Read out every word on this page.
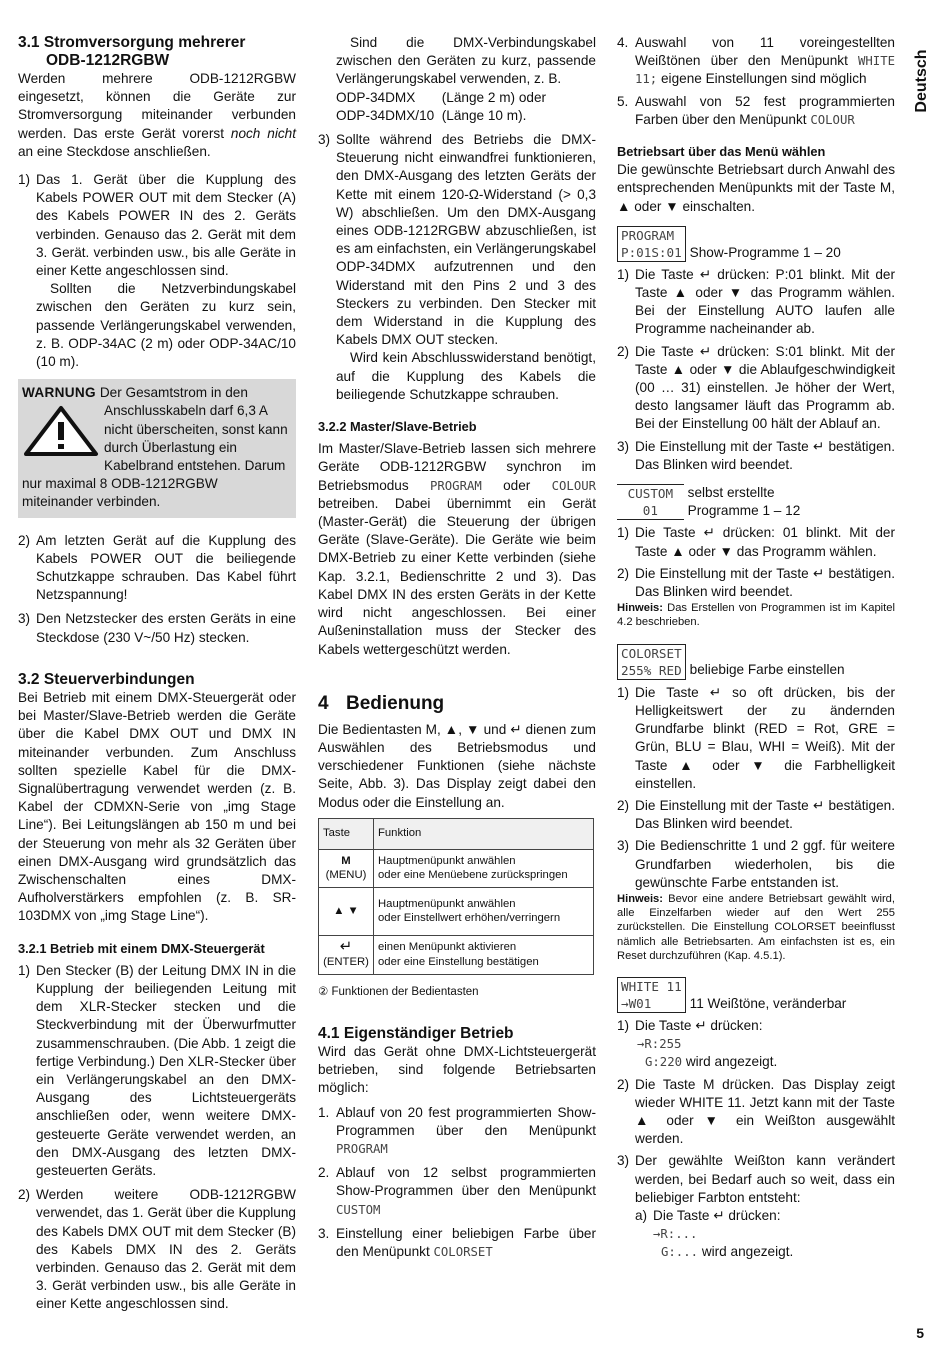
Deutsch
3.1 Stromversorgung mehrerer
ODB-1212RGBW

Werden mehrere ODB-1212RGBW eingesetzt, können die Geräte zur Stromversorgung miteinander verbunden werden. Das erste Gerät vorerst noch nicht an eine Steckdose anschließen.

1) Das 1. Gerät über die Kupplung des Kabels POWER OUT mit dem Stecker (A) des Kabels POWER IN des 2. Geräts verbinden. Genauso das 2. Gerät mit dem 3. Gerät. verbinden usw., bis alle Geräte in einer Kette angeschlossen sind.

Sollten die Netzverbindungskabel zwischen den Geräten zu kurz sein, passende Verlängerungskabel verwenden, z. B. ODP-34AC (2 m) oder ODP-34AC/10 (10 m).

WARNUNG Der Gesamtstrom in den Anschlusskabeln darf 6,3 A nicht überscheiten, sonst kann durch Überlastung ein Kabelbrand entstehen. Darum nur maximal 8 ODB-1212RGBW miteinander verbinden.
2) Am letzten Gerät auf die Kupplung des Kabels POWER OUT die beiliegende Schutzkappe schrauben. Das Kabel führt Netzspannung!
3) Den Netzstecker des ersten Geräts in eine Steckdose (230 V~/50 Hz) stecken.
3.2 Steuerverbindungen

Bei Betrieb mit einem DMX-Steuergerät oder bei Master/Slave-Betrieb werden die Geräte über die Kabel DMX OUT und DMX IN miteinander verbunden. Zum Anschluss sollten spezielle Kabel für die DMX-Signalübertragung verwendet werden (z. B. Kabel der CDMXN-Serie von „img Stage Line“). Bei Leitungslängen ab 150 m und bei der Steuerung von mehr als 32 Geräten über einen DMX-Ausgang wird grundsätzlich das Zwischenschalten eines DMX-Aufholverstärkers empfohlen (z. B. SR-103DMX von „img Stage Line“).

3.2.1 Betrieb mit einem DMX-Steuergerät
1) Den Stecker (B) der Leitung DMX IN in die Kupplung der beiliegenden Leitung mit dem XLR-Stecker stecken und die Steckverbindung mit der Überwurfmutter zusammenschrauben. (Die Abb. 1 zeigt die fertige Verbindung.) Den XLR-Stecker über ein Verlängerungskabel an den DMX-Ausgang des Lichtsteuergeräts anschließen oder, wenn weitere DMX-gesteuerte Geräte verwendet werden, an den DMX-Ausgang des letzten DMX-gesteuerten Geräts.
2) Werden weitere ODB-1212RGBW verwendet, das 1. Gerät über die Kupplung des Kabels DMX OUT mit dem Stecker (B) des Kabels DMX IN des 2. Geräts verbinden. Genauso das 2. Gerät mit dem 3. Gerät verbinden usw., bis alle Geräte in einer Kette angeschlossen sind.

Sind die DMX-Verbindungskabel zwischen den Geräten zu kurz, passende Verlängerungskabel verwenden, z. B.

ODP-34DMX       (Länge 2 m) oder
ODP-34DMX/10  (Länge 10 m).
3) Sollte während des Betriebs die DMX-Steuerung nicht einwandfrei funktionieren, den DMX-Ausgang des letzten Geräts der Kette mit einem 120-Ω-Widerstand (> 0,3 W) abschließen. Um den DMX-Ausgang eines ODB-1212RGBW abzuschließen, ist es am einfachsten, ein Verlängerungskabel ODP-34DMX aufzutrennen und den Widerstand mit den Pins 2 und 3 des Steckers zu verbinden. Den Stecker mit dem Widerstand in die Kupplung des Kabels DMX OUT stecken.

Wird kein Abschlusswiderstand benötigt, auf die Kupplung des Kabels die beiliegende Schutzkappe schrauben.

3.2.2 Master/Slave-Betrieb

Im Master/Slave-Betrieb lassen sich mehrere Geräte ODB-1212RGBW synchron im Betriebsmodus PROGRAM oder COLOUR betreiben. Dabei übernimmt ein Gerät (Master-Gerät) die Steuerung der übrigen Geräte (Slave-Geräte). Die Geräte wie beim DMX-Betrieb zu einer Kette verbinden (siehe Kap. 3.2.1, Bedienschritte 2 und 3). Das Kabel DMX IN des ersten Geräts in der Kette wird nicht angeschlossen. Bei einer Außeninstallation muss der Stecker des Kabels wettergeschützt werden.

4 Bedienung

Die Bedientasten M, ▲, ▼ und ↵ dienen zum Auswählen des Betriebsmodus und verschiedener Funktionen (siehe nächste Seite, Abb. 3). Das Display zeigt dabei den Modus oder die Einstellung an.

Taste	Funktion
M
(MENU)	Hauptmenüpunkt anwählen
oder eine Menüebene zurückspringen
▲ ▼	Hauptmenüpunkt anwählen
oder Einstellwert erhöhen/verringern
↵
(ENTER)	einen Menüpunkt aktivieren
oder eine Einstellung bestätigen
② Funktionen der Bedientasten
4.1 Eigenständiger Betrieb

Wird das Gerät ohne DMX-Lichtsteuergerät betrieben, sind folgende Betriebsarten möglich:

1. Ablauf von 20 fest programmierten Show-Programmen über den Menüpunkt PROGRAM
2. Ablauf von 12 selbst programmierten Show-Programmen über den Menüpunkt CUSTOM
3. Einstellung einer beliebigen Farbe über den Menüpunkt COLORSET
4. Auswahl von 11 voreingestellten Weißtönen über den Menüpunkt WHITE 11; eigene Einstellungen sind möglich
5. Auswahl von 52 fest programmierten Farben über den Menüpunkt COLOUR
Betriebsart über das Menü wählen

Die gewünschte Betriebsart durch Anwahl des entsprechenden Menüpunkts mit der Taste M, ▲ oder ▼ einschalten.

PROGRAM
P:01S:01 Show-Programme 1 – 20
1) Die Taste ↵ drücken: P:01 blinkt. Mit der Taste ▲ oder ▼ das Programm wählen. Bei der Einstellung AUTO laufen alle Programme nacheinander ab.
2) Die Taste ↵ drücken: S:01 blinkt. Mit der Taste ▲ oder ▼ die Ablaufgeschwindigkeit (00 … 31) einstellen. Je höher der Wert, desto langsamer läuft das Programm ab. Bei der Einstellung 00 hält der Ablauf an.
3) Die Einstellung mit der Taste ↵ bestätigen. Das Blinken wird beendet.
CUSTOM
01
selbst erstellte
Programme 1 – 12
1) Die Taste ↵ drücken: 01 blinkt. Mit der Taste ▲ oder ▼ das Programm wählen.
2) Die Einstellung mit der Taste ↵ bestätigen. Das Blinken wird beendet.
Hinweis: Das Erstellen von Programmen ist im Kapitel 4.2 beschrieben.
COLORSET
255% RED beliebige Farbe einstellen
1) Die Taste ↵ so oft drücken, bis der Helligkeitswert der zu ändernden Grundfarbe blinkt (RED = Rot, GRE = Grün, BLU = Blau, WHI = Weiß). Mit der Taste ▲ oder ▼ die Farbhelligkeit einstellen.
2) Die Einstellung mit der Taste ↵ bestätigen. Das Blinken wird beendet.
3) Die Bedienschritte 1 und 2 ggf. für weitere Grundfarben wiederholen, bis die gewünschte Farbe entstanden ist.
Hinweis: Bevor eine andere Betriebsart gewählt wird, alle Einzelfarben wieder auf den Wert 255 zurückstellen. Die Einstellung COLORSET beeinflusst nämlich alle Betriebsarten. Am einfachsten ist es, ein Reset durchzuführen (Kap. 4.5.1).
WHITE 11
→W01 11 Weißtöne, veränderbar
1) Die Taste ↵ drücken:
→R:255
G:220 wird angezeigt.
2) Die Taste M drücken. Das Display zeigt wieder WHITE 11. Jetzt kann mit der Taste ▲ oder ▼ ein Weißton ausgewählt werden.
3) Der gewählte Weißton kann verändert werden, bei Bedarf auch so weit, dass ein beliebiger Farbton entsteht:
a) Die Taste ↵ drücken:
→R:...
G:... wird angezeigt.
5
